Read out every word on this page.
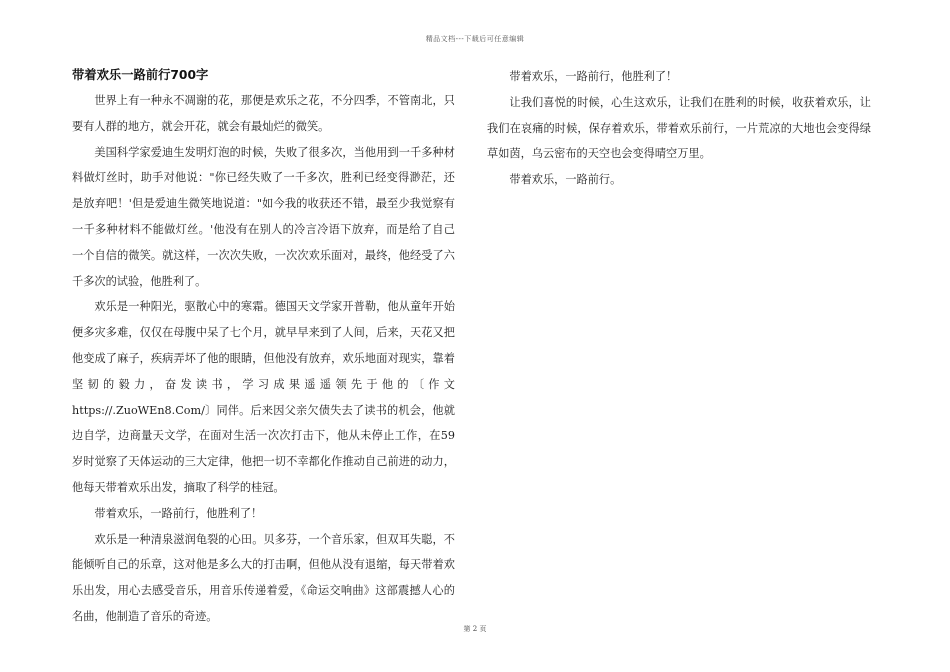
精品文档---下载后可任意编辑
带着欢乐一路前行700字

世界上有一种永不凋谢的花，那便是欢乐之花，不分四季，不管南北，只要有人群的地方，就会开花，就会有最灿烂的微笑。

美国科学家爱迪生发明灯泡的时候，失败了很多次，当他用到一千多种材料做灯丝时，助手对他说："你已经失败了一千多次，胜利已经变得渺茫，还是放弃吧！'但是爱迪生微笑地说道："如今我的收获还不错，最至少我觉察有一千多种材料不能做灯丝。'他没有在别人的冷言冷语下放弃，而是给了自己一个自信的微笑。就这样，一次次失败，一次次欢乐面对，最终，他经受了六千多次的试验，他胜利了。

欢乐是一种阳光，驱散心中的寒霜。德国天文学家开普勒，他从童年开始便多灾多难，仅仅在母腹中呆了七个月，就早早来到了人间，后来，天花又把他变成了麻子，疾病弄坏了他的眼睛，但他没有放弃，欢乐地面对现实，靠着坚韧的毅力，奋发读书，学习成果遥遥领先于他的〔作文https://.ZuoWEn8.Com/〕同伴。后来因父亲欠债失去了读书的机会，他就边自学，边商量天文学，在面对生活一次次打击下，他从未停止工作，在59岁时觉察了天体运动的三大定律，他把一切不幸都化作推动自己前进的动力，他每天带着欢乐出发，摘取了科学的桂冠。

带着欢乐，一路前行，他胜利了！

欢乐是一种清泉滋润龟裂的心田。贝多芬，一个音乐家，但双耳失聪，不能倾听自己的乐章，这对他是多么大的打击啊，但他从没有退缩，每天带着欢乐出发，用心去感受音乐，用音乐传递着爱，《命运交响曲》这部震撼人心的名曲，他制造了音乐的奇迹。

带着欢乐，一路前行，他胜利了！

让我们喜悦的时候，心生这欢乐，让我们在胜利的时候，收获着欢乐，让我们在哀痛的时候，保存着欢乐，带着欢乐前行，一片荒凉的大地也会变得绿草如茵，乌云密布的天空也会变得晴空万里。

带着欢乐，一路前行。

第 2 页
